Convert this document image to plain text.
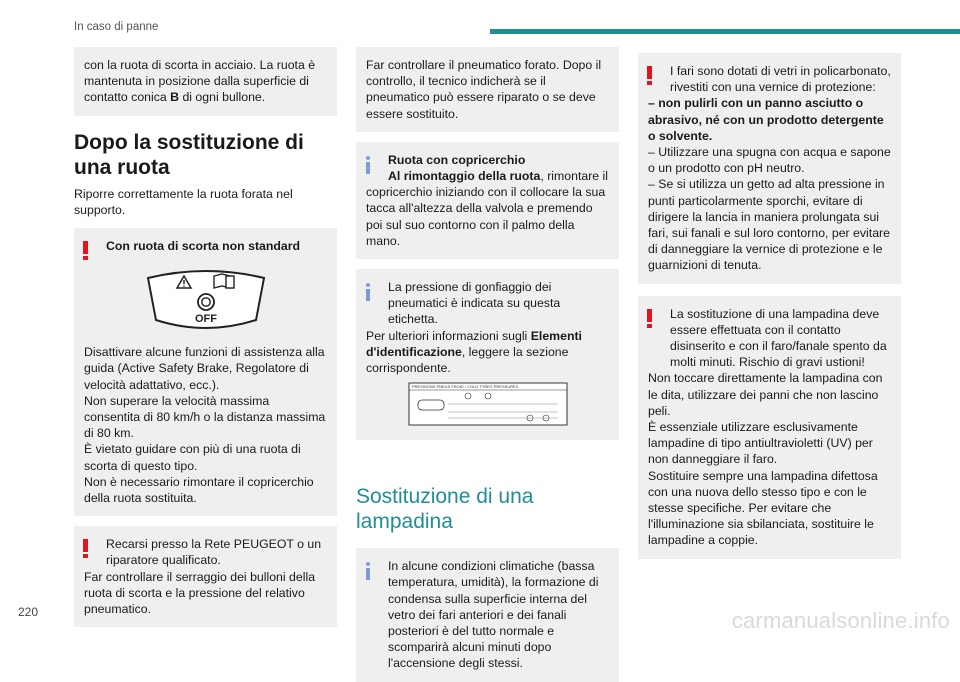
In caso di panne
con la ruota di scorta in acciaio. La ruota è mantenuta in posizione dalla superficie di contatto conica B di ogni bullone.
Dopo la sostituzione di una ruota
Riporre correttamente la ruota forata nel supporto.
Con ruota di scorta non standard
OFF
Disattivare alcune funzioni di assistenza alla guida (Active Safety Brake, Regolatore di velocità adattativo, ecc.).
Non superare la velocità massima consentita di 80 km/h o la distanza massima di 80 km.
È vietato guidare con più di una ruota di scorta di questo tipo.
Non è necessario rimontare il copricerchio della ruota sostituita.
Recarsi presso la Rete PEUGEOT o un riparatore qualificato.
Far controllare il serraggio dei bulloni della ruota di scorta e la pressione del relativo pneumatico.
Far controllare il pneumatico forato. Dopo il controllo, il tecnico indicherà se il pneumatico può essere riparato o se deve essere sostituito.
Ruota con copricerchio
Al rimontaggio della ruota, rimontare il copricerchio iniziando con il collocare la sua tacca all'altezza della valvola e premendo poi sul suo contorno con il palmo della mano.
La pressione di gonfiaggio dei pneumatici è indicata su questa etichetta.
Per ulteriori informazioni sugli Elementi d'identificazione, leggere la sezione corrispondente.
PRESSIONS PNEUS FROID / COLD TYRES PRESSURES
Sostituzione di una lampadina
In alcune condizioni climatiche (bassa temperatura, umidità), la formazione di condensa sulla superficie interna del vetro dei fari anteriori e dei fanali posteriori è del tutto normale e scomparirà alcuni minuti dopo l'accensione degli stessi.
I fari sono dotati di vetri in policarbonato, rivestiti con una vernice di protezione:
– non pulirli con un panno asciutto o abrasivo, né con un prodotto detergente o solvente.
– Utilizzare una spugna con acqua e sapone o un prodotto con pH neutro.
– Se si utilizza un getto ad alta pressione in punti particolarmente sporchi, evitare di dirigere la lancia in maniera prolungata sui fari, sui fanali e sul loro contorno, per evitare di danneggiare la vernice di protezione e le guarnizioni di tenuta.
La sostituzione di una lampadina deve essere effettuata con il contatto disinserito e con il faro/fanale spento da molti minuti. Rischio di gravi ustioni!
Non toccare direttamente la lampadina con le dita, utilizzare dei panni che non lascino peli.
È essenziale utilizzare esclusivamente lampadine di tipo antiultravioletti (UV) per non danneggiare il faro.
Sostituire sempre una lampadina difettosa con una nuova dello stesso tipo e con le stesse specifiche. Per evitare che l'illuminazione sia sbilanciata, sostituire le lampadine a coppie.
220	carmanualsonline.info
